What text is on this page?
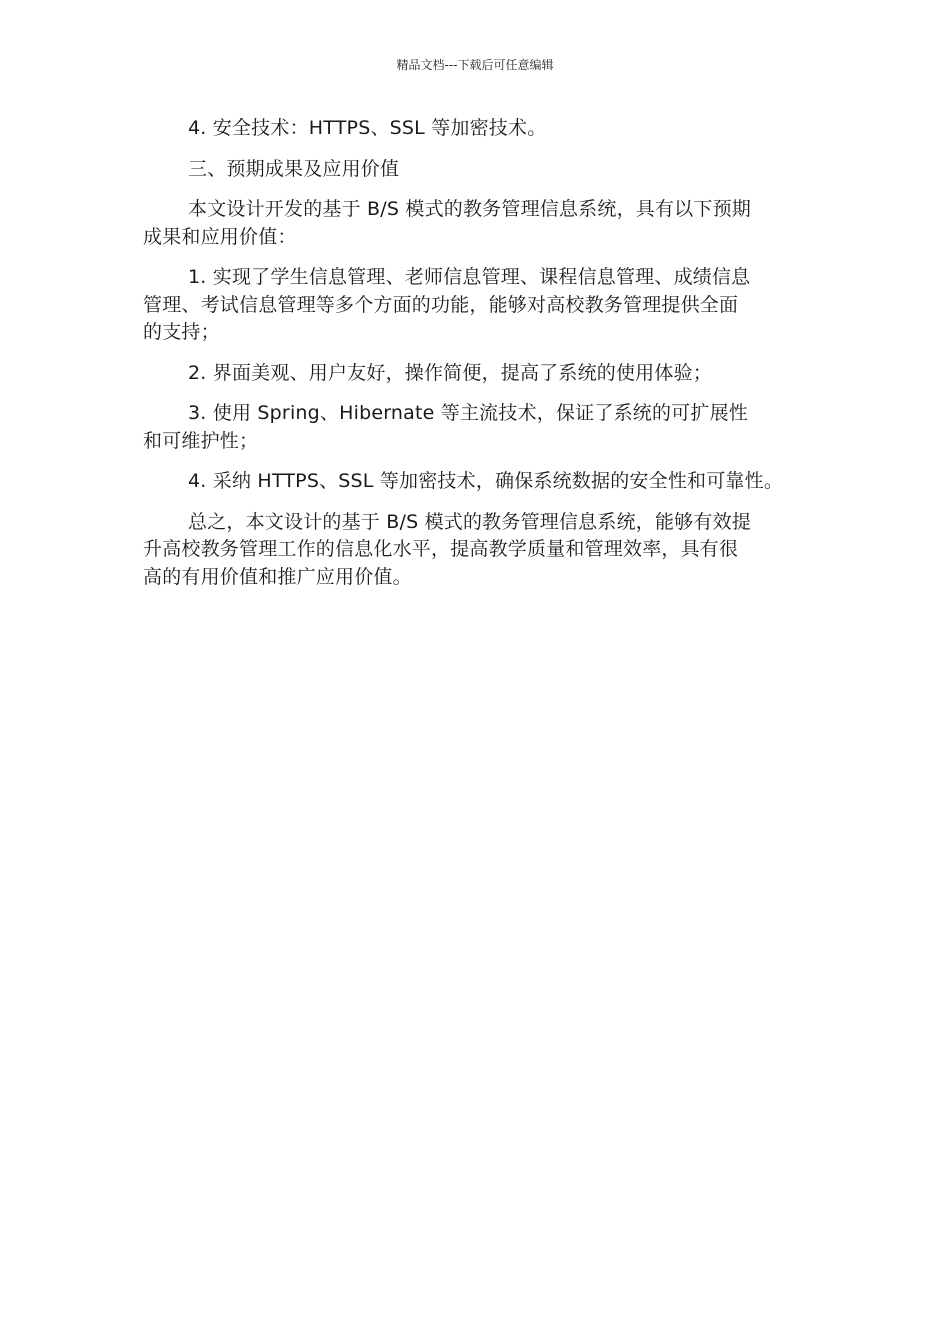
精品文档---下载后可任意编辑

4. 安全技术：HTTPS、SSL 等加密技术。

三、预期成果及应用价值

本文设计开发的基于 B/S 模式的教务管理信息系统，具有以下预期
成果和应用价值：

1. 实现了学生信息管理、老师信息管理、课程信息管理、成绩信息
管理、考试信息管理等多个方面的功能，能够对高校教务管理提供全面
的支持；

2. 界面美观、用户友好，操作简便，提高了系统的使用体验；

3. 使用 Spring、Hibernate 等主流技术，保证了系统的可扩展性
和可维护性；

4. 采纳 HTTPS、SSL 等加密技术，确保系统数据的安全性和可靠性。

总之，本文设计的基于 B/S 模式的教务管理信息系统，能够有效提
升高校教务管理工作的信息化水平，提高教学质量和管理效率，具有很
高的有用价值和推广应用价值。
